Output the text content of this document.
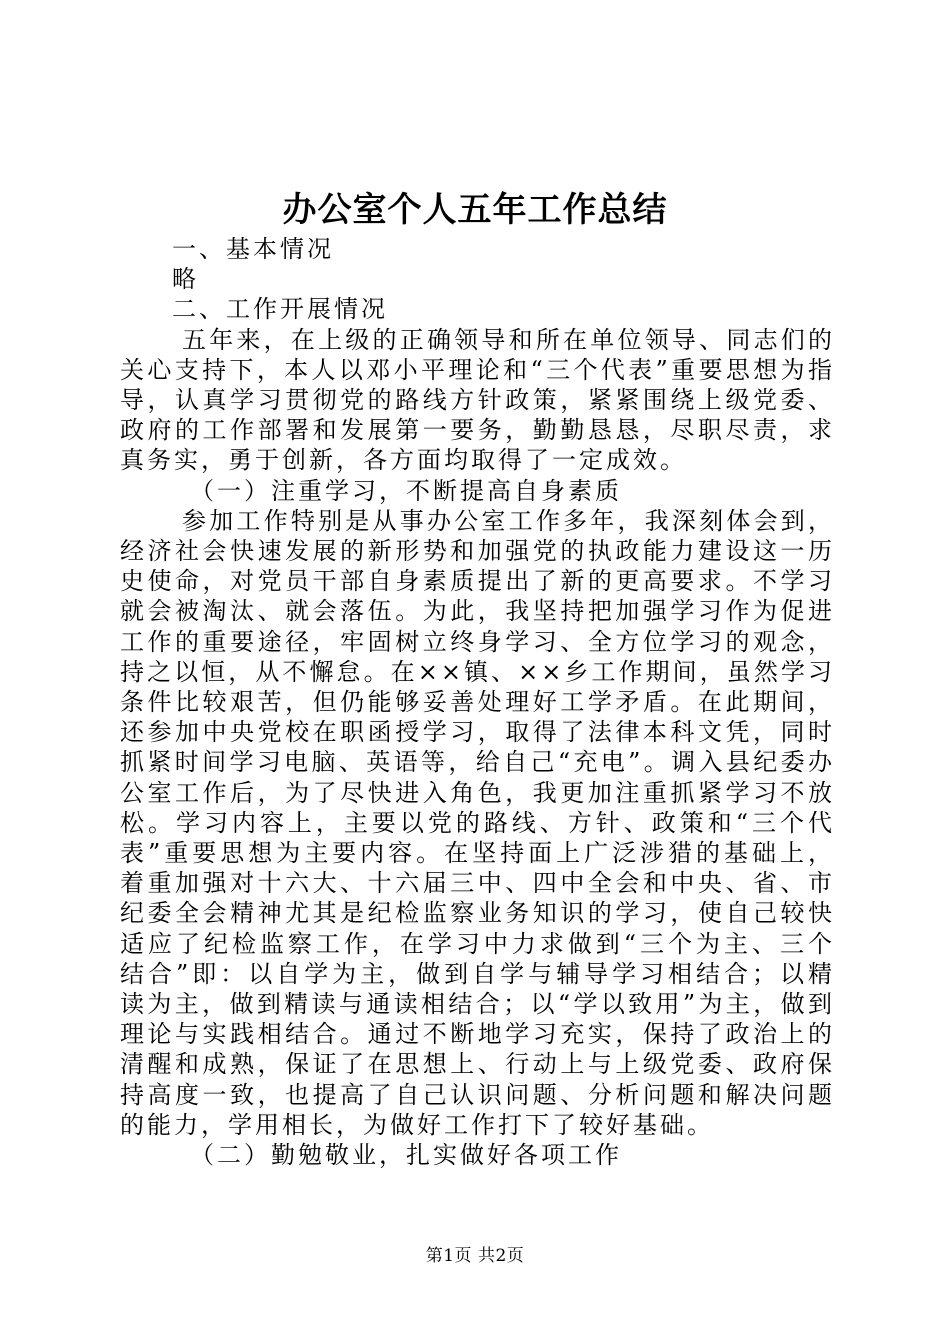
办公室个人五年工作总结

一、基本情况

略

二、工作开展情况

五年来，在上级的正确领导和所在单位领导、同志们的关心支持下，本人以邓小平理论和“三个代表”重要思想为指导，认真学习贯彻党的路线方针政策，紧紧围绕上级党委、政府的工作部署和发展第一要务，勤勤恳恳，尽职尽责，求真务实，勇于创新，各方面均取得了一定成效。

（一）注重学习，不断提高自身素质

参加工作特别是从事办公室工作多年，我深刻体会到，经济社会快速发展的新形势和加强党的执政能力建设这一历史使命，对党员干部自身素质提出了新的更高要求。不学习就会被淘汰、就会落伍。为此，我坚持把加强学习作为促进工作的重要途径，牢固树立终身学习、全方位学习的观念，持之以恒，从不懈怠。在××镇、××乡工作期间，虽然学习条件比较艰苦，但仍能够妥善处理好工学矛盾。在此期间，还参加中央党校在职函授学习，取得了法律本科文凭，同时抓紧时间学习电脑、英语等，给自己“充电”。调入县纪委办公室工作后，为了尽快进入角色，我更加注重抓紧学习不放松。学习内容上，主要以党的路线、方针、政策和“三个代表”重要思想为主要内容。在坚持面上广泛涉猎的基础上，着重加强对十六大、十六届三中、四中全会和中央、省、市纪委全会精神尤其是纪检监察业务知识的学习，使自己较快适应了纪检监察工作，在学习中力求做到“三个为主、三个结合”即：以自学为主，做到自学与辅导学习相结合；以精读为主，做到精读与通读相结合；以“学以致用”为主，做到理论与实践相结合。通过不断地学习充实，保持了政治上的清醒和成熟，保证了在思想上、行动上与上级党委、政府保持高度一致，也提高了自己认识问题、分析问题和解决问题的能力，学用相长，为做好工作打下了较好基础。

（二）勤勉敬业，扎实做好各项工作

第1页 共2页
